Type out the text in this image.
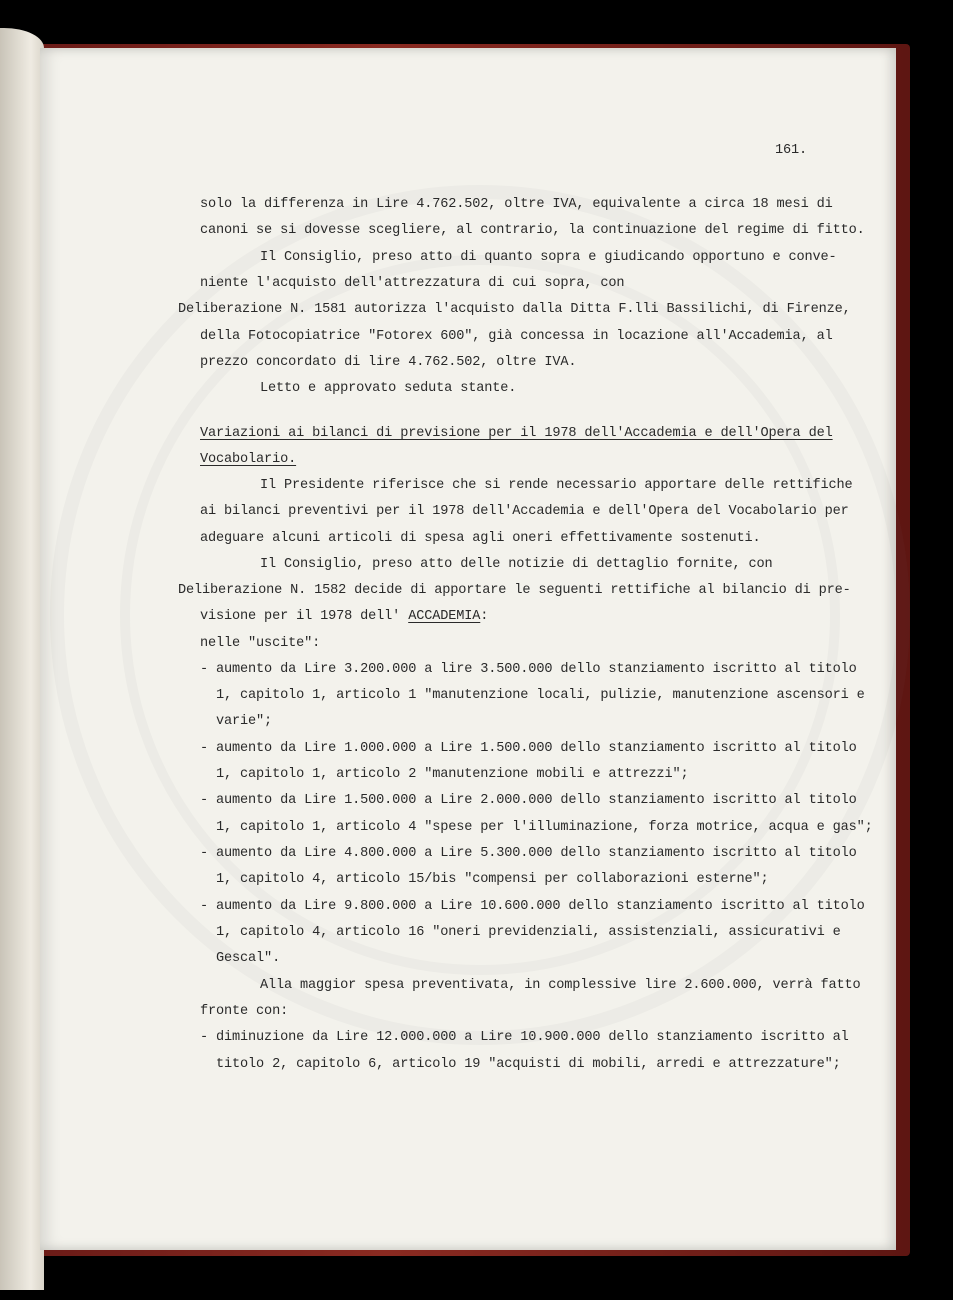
161.
solo la differenza in Lire 4.762.502, oltre IVA, equivalente a circa 18 mesi di
canoni se si dovesse scegliere, al contrario, la continuazione del regime di fitto.
Il Consiglio, preso atto di quanto sopra e giudicando opportuno e conve-
niente l'acquisto dell'attrezzatura di cui sopra, con
Deliberazione N. 1581 autorizza l'acquisto dalla Ditta F.lli Bassilichi, di Firenze,
della Fotocopiatrice "Fotorex 600", già concessa in locazione all'Accademia, al
prezzo concordato di lire 4.762.502, oltre IVA.
Letto e approvato seduta stante.
Variazioni ai bilanci di previsione per il 1978 dell'Accademia e dell'Opera del
Vocabolario.
Il Presidente riferisce che si rende necessario apportare delle rettifiche
ai bilanci preventivi per il 1978 dell'Accademia e dell'Opera del Vocabolario per
adeguare alcuni articoli di spesa agli oneri effettivamente sostenuti.
Il Consiglio, preso atto delle notizie di dettaglio fornite, con
Deliberazione N. 1582 decide di apportare le seguenti rettifiche al bilancio di pre-
visione per il 1978 dell' ACCADEMIA:
nelle "uscite":
- aumento da Lire 3.200.000 a lire 3.500.000 dello stanziamento iscritto al titolo
1, capitolo 1, articolo 1 "manutenzione locali, pulizie, manutenzione ascensori e
varie";
- aumento da Lire 1.000.000 a Lire 1.500.000 dello stanziamento iscritto al titolo
1, capitolo 1, articolo 2 "manutenzione mobili e attrezzi";
- aumento da Lire 1.500.000 a Lire 2.000.000 dello stanziamento iscritto al titolo
1, capitolo 1, articolo 4 "spese per l'illuminazione, forza motrice, acqua e gas";
- aumento da Lire 4.800.000 a Lire 5.300.000 dello stanziamento iscritto al titolo
1, capitolo 4, articolo 15/bis "compensi per collaborazioni esterne";
- aumento da Lire 9.800.000 a Lire 10.600.000 dello stanziamento iscritto al titolo
1, capitolo 4, articolo 16 "oneri previdenziali, assistenziali, assicurativi e
Gescal".
Alla maggior spesa preventivata, in complessive lire 2.600.000, verrà fatto
fronte con:
- diminuzione da Lire 12.000.000 a Lire 10.900.000 dello stanziamento iscritto al
titolo 2, capitolo 6, articolo 19 "acquisti di mobili, arredi e attrezzature";
